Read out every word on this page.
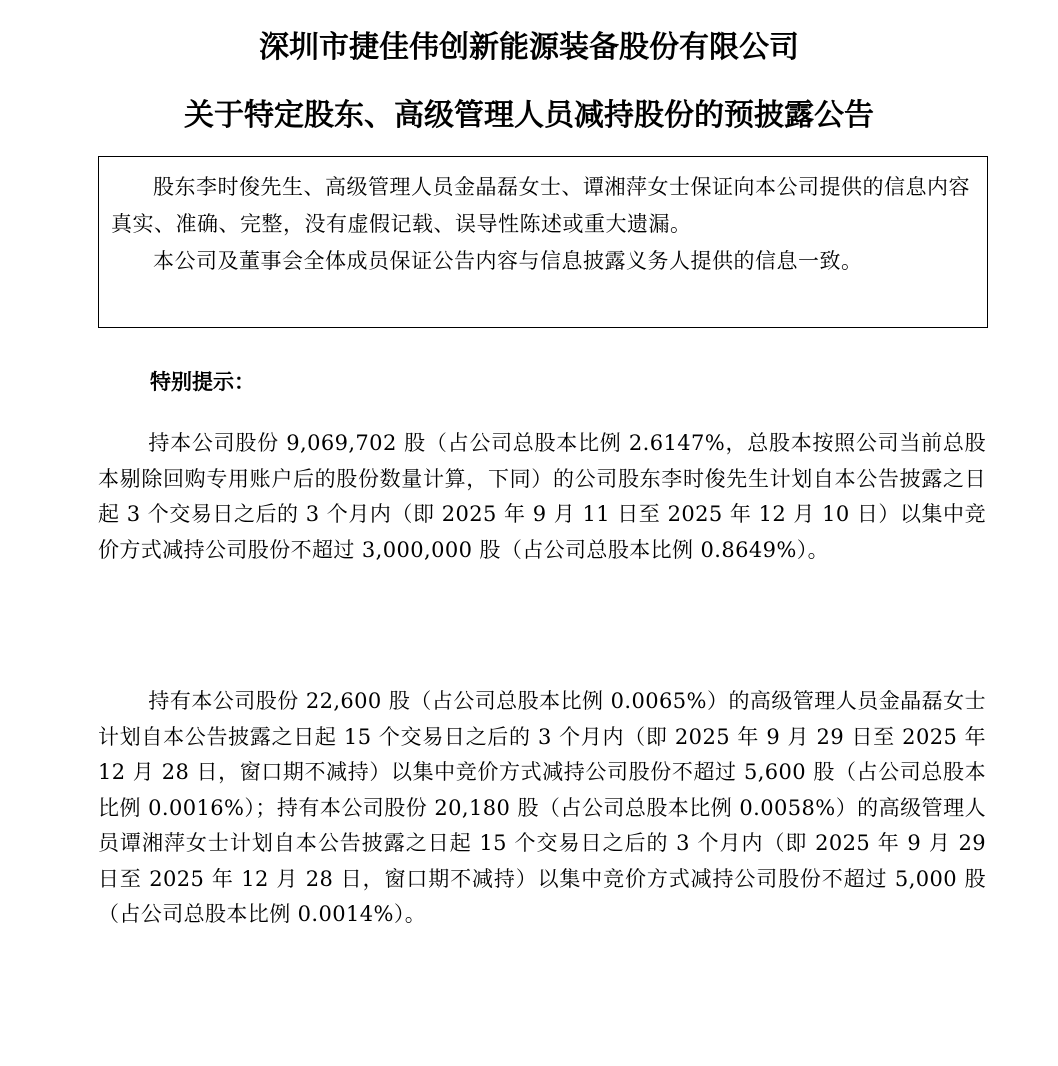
深圳市捷佳伟创新能源装备股份有限公司
关于特定股东、高级管理人员减持股份的预披露公告

股东李时俊先生、高级管理人员金晶磊女士、谭湘萍女士保证向本公司提供的信息内容真实、准确、完整，没有虚假记载、误导性陈述或重大遗漏。

本公司及董事会全体成员保证公告内容与信息披露义务人提供的信息一致。

特别提示：

持本公司股份 9,069,702 股（占公司总股本比例 2.6147%，总股本按照公司当前总股本剔除回购专用账户后的股份数量计算，下同）的公司股东李时俊先生计划自本公告披露之日起 3 个交易日之后的 3 个月内（即 2025 年 9 月 11 日至 2025 年 12 月 10 日）以集中竞价方式减持公司股份不超过 3,000,000 股（占公司总股本比例 0.8649%）。

持有本公司股份 22,600 股（占公司总股本比例 0.0065%）的高级管理人员金晶磊女士计划自本公告披露之日起 15 个交易日之后的 3 个月内（即 2025 年 9 月 29 日至 2025 年 12 月 28 日，窗口期不减持）以集中竞价方式减持公司股份不超过 5,600 股（占公司总股本比例 0.0016%）；持有本公司股份 20,180 股（占公司总股本比例 0.0058%）的高级管理人员谭湘萍女士计划自本公告披露之日起 15 个交易日之后的 3 个月内（即 2025 年 9 月 29 日至 2025 年 12 月 28 日，窗口期不减持）以集中竞价方式减持公司股份不超过 5,000 股（占公司总股本比例 0.0014%）。
